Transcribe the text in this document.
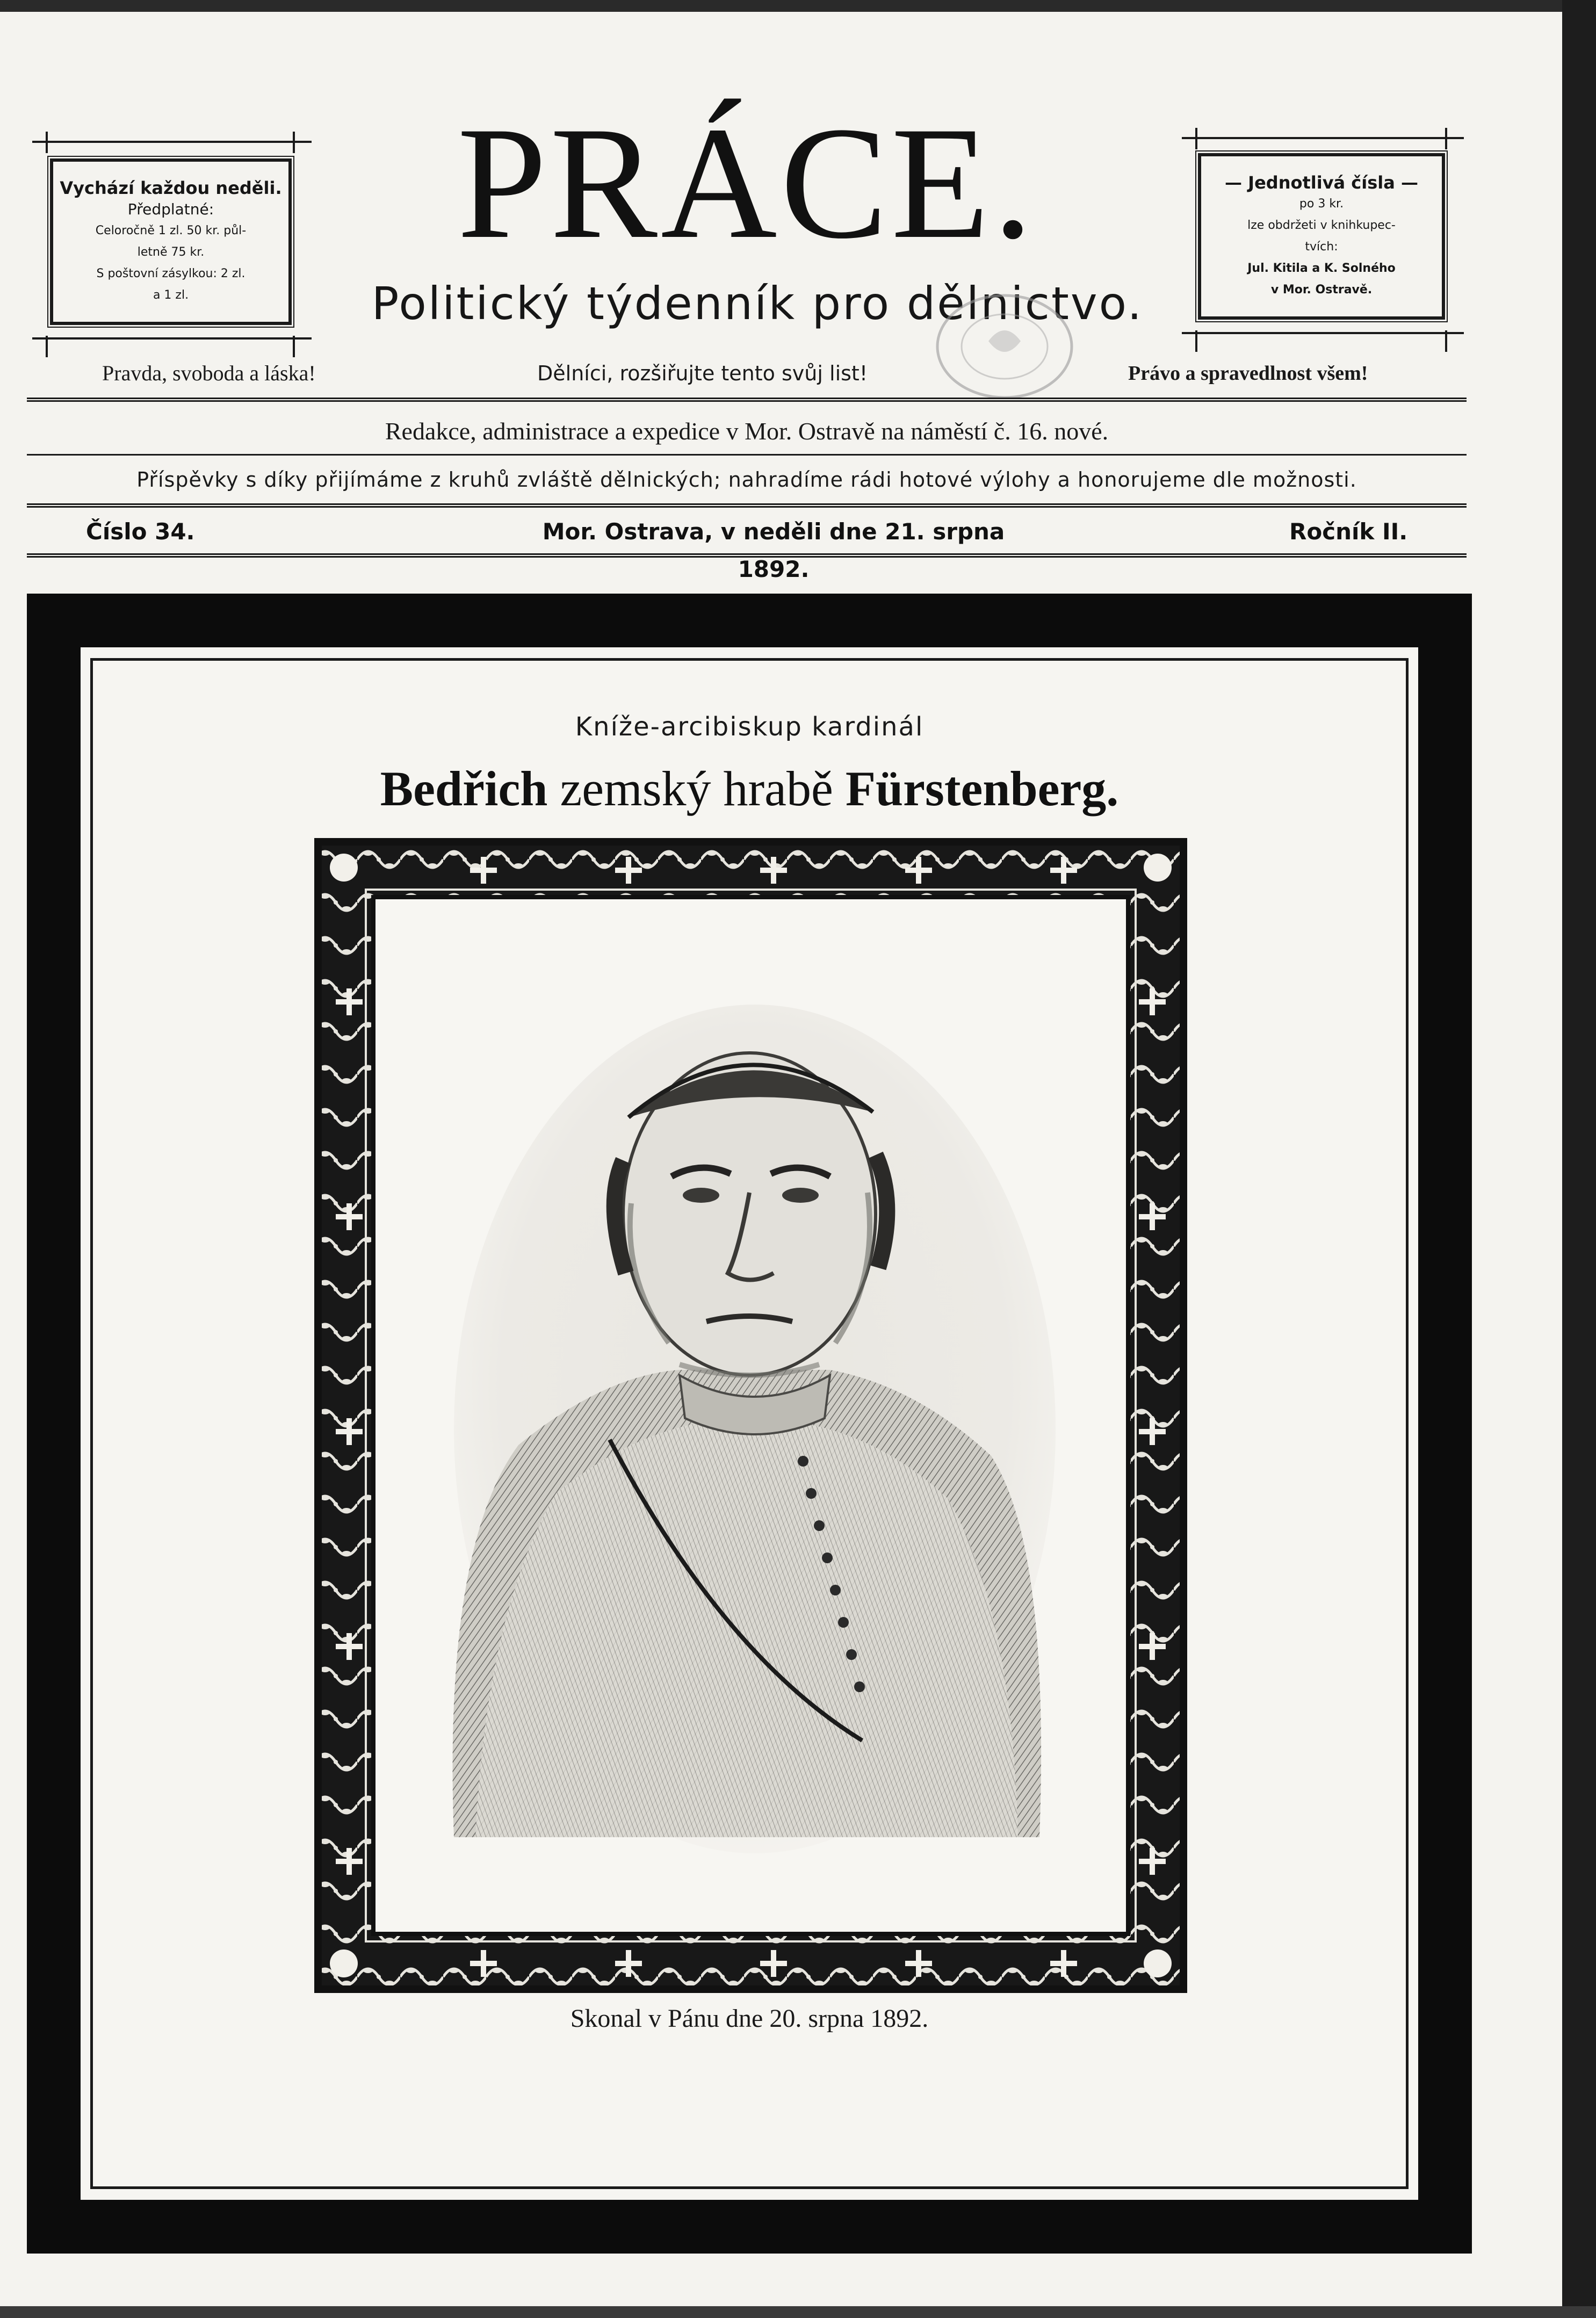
PRÁCE.
Politický týdenník pro dělnictvo.
Vychází každou neděli.
Předplatné:
Celoročně 1 zl. 50 kr. půl-
letně 75 kr.
S poštovní zásylkou: 2 zl.
a 1 zl.
— Jednotlivá čísla —
po 3 kr.
lze obdržeti v knihkupec-
tvích:
Jul. Kitila a K. Solného
v Mor. Ostravě.
Pravda, svoboda a láska!	Dělníci, rozšiřujte tento svůj list!	Právo a spravedlnost všem!
Redakce, administrace a expedice v Mor. Ostravě na náměstí č. 16. nové.
Příspěvky s díky přijímáme z kruhů zvláště dělnických; nahradíme rádi hotové výlohy a honorujeme dle možnosti.
Číslo 34.	Mor. Ostrava, v neděli dne 21. srpna 1892.
Ročník II.
Kníže-arcibiskup kardinál
Bedřich zemský hrabě Fürstenberg.
Skonal v Pánu dne 20. srpna 1892.
